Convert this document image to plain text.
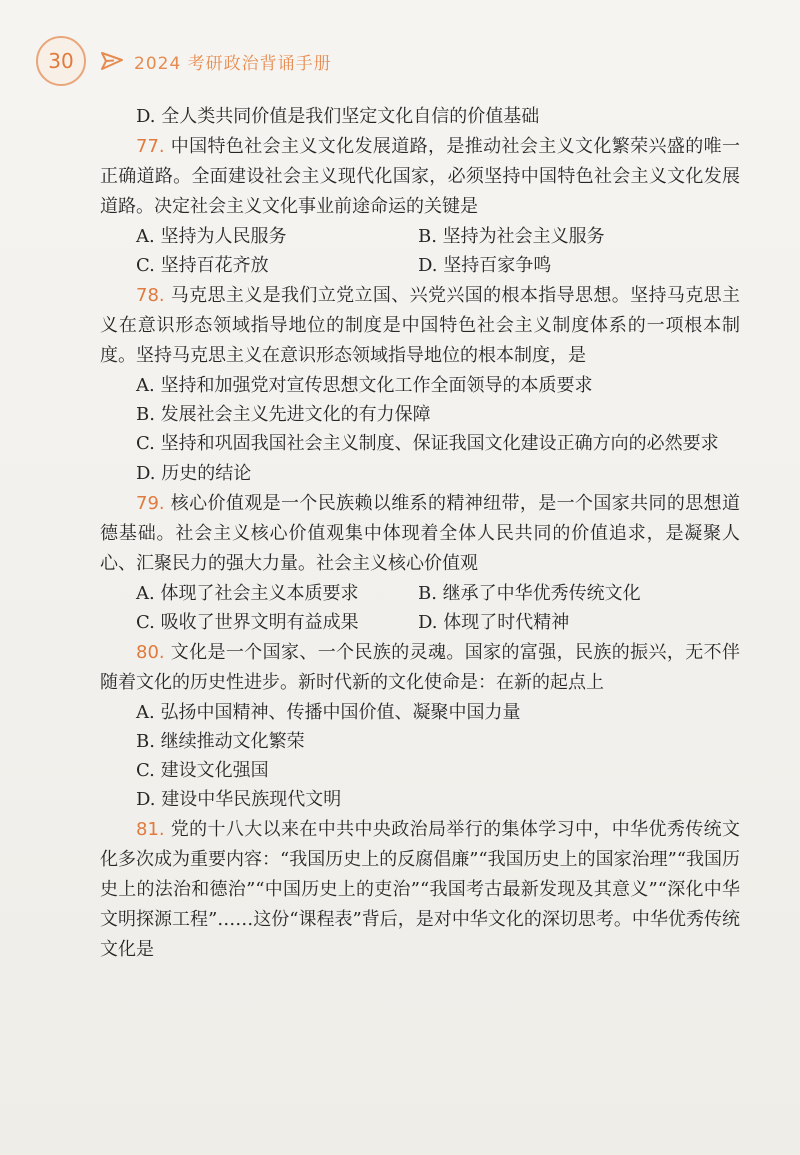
30	2024 考研政治背诵手册
D. 全人类共同价值是我们坚定文化自信的价值基础

77. 中国特色社会主义文化发展道路，是推动社会主义文化繁荣兴盛的唯一正确道路。全面建设社会主义现代化国家，必须坚持中国特色社会主义文化发展道路。决定社会主义文化事业前途命运的关键是

A. 坚持为人民服务	B. 坚持为社会主义服务
C. 坚持百花齐放	D. 坚持百家争鸣

78. 马克思主义是我们立党立国、兴党兴国的根本指导思想。坚持马克思主义在意识形态领域指导地位的制度是中国特色社会主义制度体系的一项根本制度。坚持马克思主义在意识形态领域指导地位的根本制度，是

A. 坚持和加强党对宣传思想文化工作全面领导的本质要求
B. 发展社会主义先进文化的有力保障
C. 坚持和巩固我国社会主义制度、保证我国文化建设正确方向的必然要求
D. 历史的结论

79. 核心价值观是一个民族赖以维系的精神纽带，是一个国家共同的思想道德基础。社会主义核心价值观集中体现着全体人民共同的价值追求，是凝聚人心、汇聚民力的强大力量。社会主义核心价值观

A. 体现了社会主义本质要求	B. 继承了中华优秀传统文化
C. 吸收了世界文明有益成果	D. 体现了时代精神

80. 文化是一个国家、一个民族的灵魂。国家的富强，民族的振兴，无不伴随着文化的历史性进步。新时代新的文化使命是：在新的起点上

A. 弘扬中国精神、传播中国价值、凝聚中国力量
B. 继续推动文化繁荣
C. 建设文化强国
D. 建设中华民族现代文明

81. 党的十八大以来在中共中央政治局举行的集体学习中，中华优秀传统文化多次成为重要内容：“我国历史上的反腐倡廉”“我国历史上的国家治理”“我国历史上的法治和德治”“中国历史上的吏治”“我国考古最新发现及其意义”“深化中华文明探源工程”……这份“课程表”背后，是对中华文化的深切思考。中华优秀传统文化是
